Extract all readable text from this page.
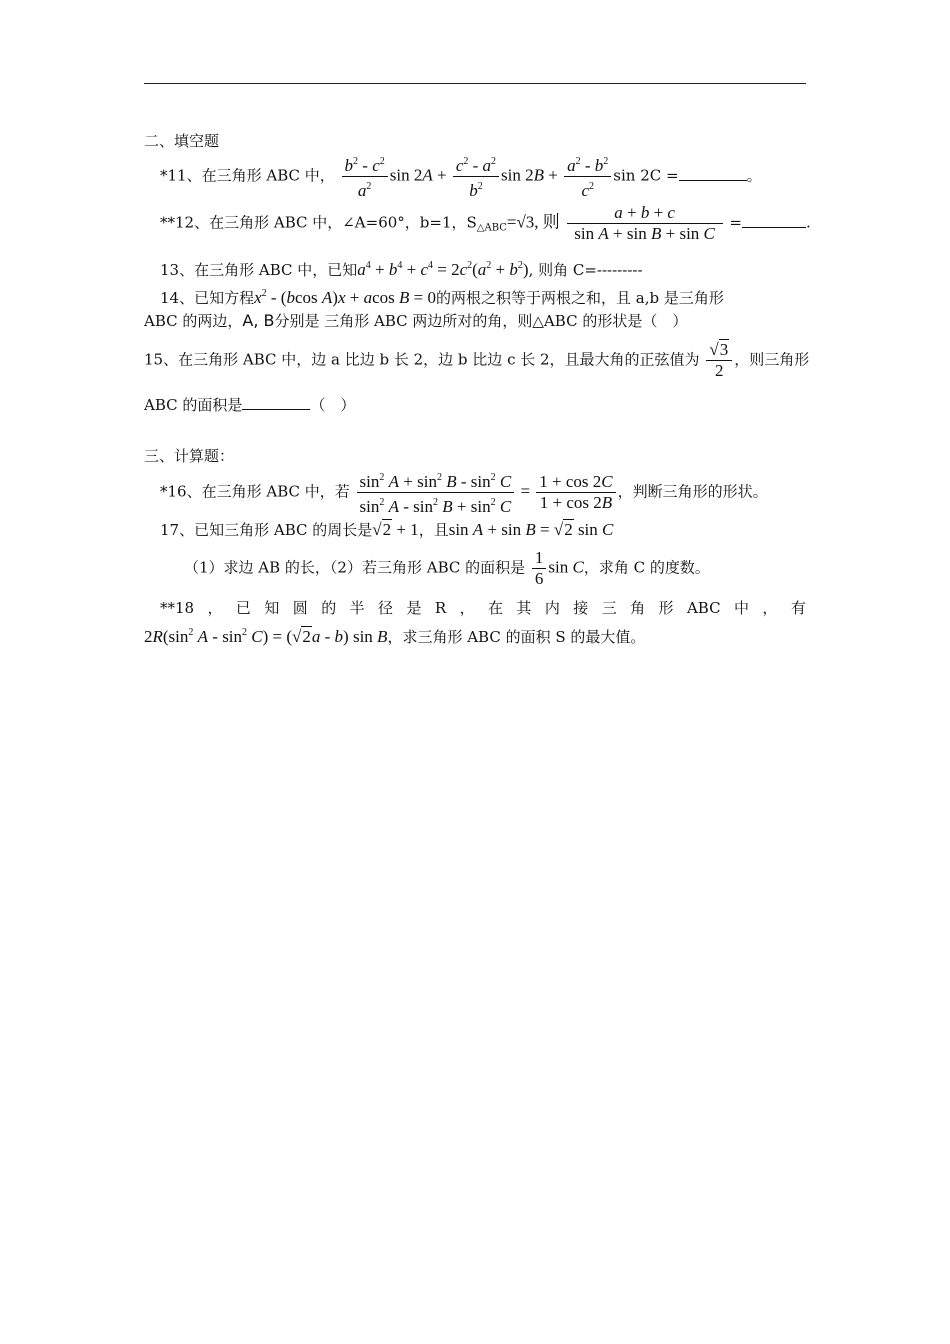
二、填空题
*11、在三角形 ABC 中， $\frac{b^2 - c^2}{a^2}$ $\sin 2A + \frac{c^2 - a^2}{b^2}$ $\sin 2B + \frac{a^2 - b^2}{c^2}$ sin 2C =	。
**12、在三角形 ABC 中，∠A=60°，b=1，$S_{\triangle ABC}=√3$, 则 $\frac{a + b + c}{\text{sin A + sin B + sin C}}$ =	.
13、在三角形 ABC 中，已知$a^4 + b^4 + c^4 = 2c^2(a^2 + b^2)$, 则角 C=---------
14、已知方程$x^2 - (bcos$ A)x + acos B = 0的两根之积等于两根之和，且 a,b 是三角形
ABC 的两边，A, B分别是 三角形 ABC 两边所对的角，则△ABC 的形状是（　）
15、在三角形 ABC 中，边 a 比边 b 长 2，边 b 比边 c 长 2，且最大角的正弦值为 $\frac{√3}{2}$ ，则三角形
ABC 的面积是	（　）
三、计算题：
*16、在三角形 ABC 中，若 $\frac{\sin^2 A + \sin^2 B - \sin^2 C}{\sin^2 A - \sin^2 B + \sin^2 C} = \frac{1 + \cos 2C}{1 + \cos 2B}$ ，判断三角形的形状。
17、已知三角形 ABC 的周长是√2 + 1，且sin A + sin B = √2 sin C
（1）求边 AB 的长，（2）若三角形 ABC 的面积是 $\frac{1}{6}$ sin C，求角 C 的度数。
**18 ， 已 知 圆 的 半 径 是 R ， 在 其 内 接 三 角 形 ABC 中 ， 有
$2R(\sin^2$ $A - \sin^2 C) = (√2a - b)$ sin B，求三角形 ABC 的面积 S 的最大值。
